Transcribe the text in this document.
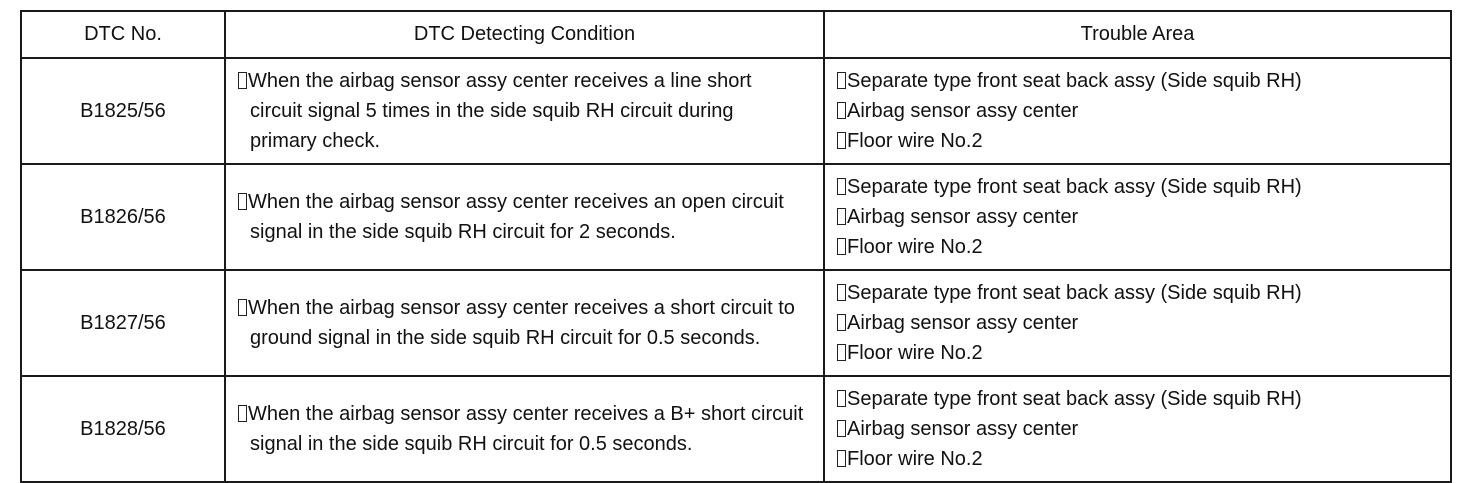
DTC No.	DTC Detecting Condition	Trouble Area
B1825/56	When the airbag sensor assy center receives a line short circuit signal 5 times in the side squib RH circuit during primary check.	Separate type front seat back assy (Side squib RH)
Airbag sensor assy center
Floor wire No.2

B1826/56	When the airbag sensor assy center receives an open circuit signal in the side squib RH circuit for 2 seconds.	Separate type front seat back assy (Side squib RH)
Airbag sensor assy center
Floor wire No.2

B1827/56	When the airbag sensor assy center receives a short circuit to ground signal in the side squib RH circuit for 0.5 seconds.	Separate type front seat back assy (Side squib RH)
Airbag sensor assy center
Floor wire No.2

B1828/56	When the airbag sensor assy center receives a B+ short circuit signal in the side squib RH circuit for 0.5 seconds.	Separate type front seat back assy (Side squib RH)
Airbag sensor assy center
Floor wire No.2
